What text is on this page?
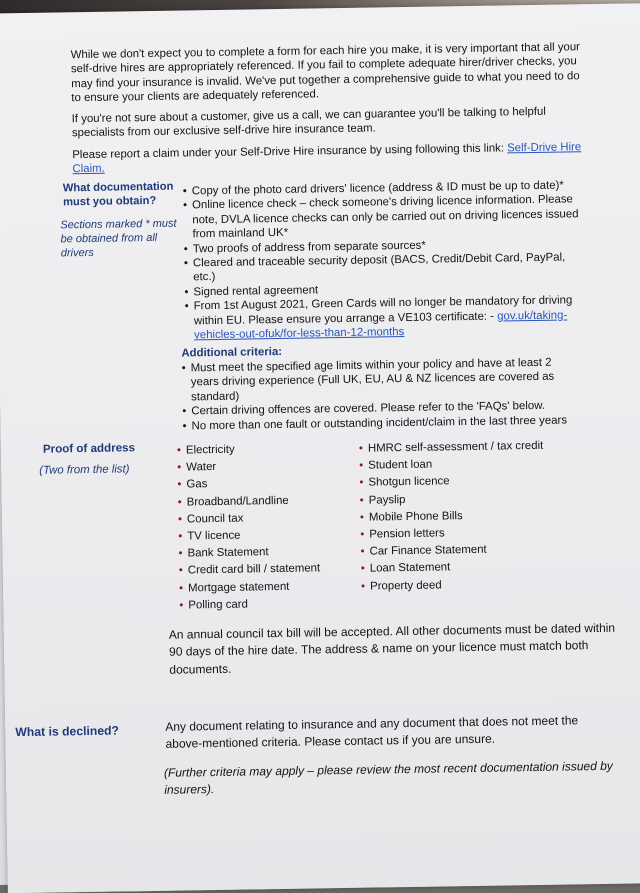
While we don't expect you to complete a form for each hire you make, it is very important that all your self-drive hires are appropriately referenced. If you fail to complete adequate hirer/driver checks, you may find your insurance is invalid. We've put together a comprehensive guide to what you need to do to ensure your clients are adequately referenced.
If you're not sure about a customer, give us a call, we can guarantee you'll be talking to helpful specialists from our exclusive self-drive hire insurance team.
Please report a claim under your Self-Drive Hire insurance by using following this link: Self-Drive Hire Claim.
What documentation must you obtain?
Sections marked * must be obtained from all drivers
• Copy of the photo card drivers' licence (address & ID must be up to date)*
• Online licence check – check someone's driving licence information. Please note, DVLA licence checks can only be carried out on driving licences issued from mainland UK*
• Two proofs of address from separate sources*
• Cleared and traceable security deposit (BACS, Credit/Debit Card, PayPal, etc.)
• Signed rental agreement
• From 1st August 2021, Green Cards will no longer be mandatory for driving within EU. Please ensure you arrange a VE103 certificate: - gov.uk/taking-vehicles-out-ofuk/for-less-than-12-months
Additional criteria:
• Must meet the specified age limits within your policy and have at least 2 years driving experience (Full UK, EU, AU & NZ licences are covered as standard)
• Certain driving offences are covered. Please refer to the 'FAQs' below.
• No more than one fault or outstanding incident/claim in the last three years
Proof of address
(Two from the list)
• Electricity
• Water
• Gas
• Broadband/Landline
• Council tax
• TV licence
• Bank Statement
• Credit card bill / statement
• Mortgage statement
• Polling card
• HMRC self-assessment / tax credit
• Student loan
• Shotgun licence
• Payslip
• Mobile Phone Bills
• Pension letters
• Car Finance Statement
• Loan Statement
• Property deed
An annual council tax bill will be accepted. All other documents must be dated within 90 days of the hire date. The address & name on your licence must match both documents.
What is declined?	Any document relating to insurance and any document that does not meet the above-mentioned criteria. Please contact us if you are unsure.
(Further criteria may apply – please review the most recent documentation issued by insurers).
